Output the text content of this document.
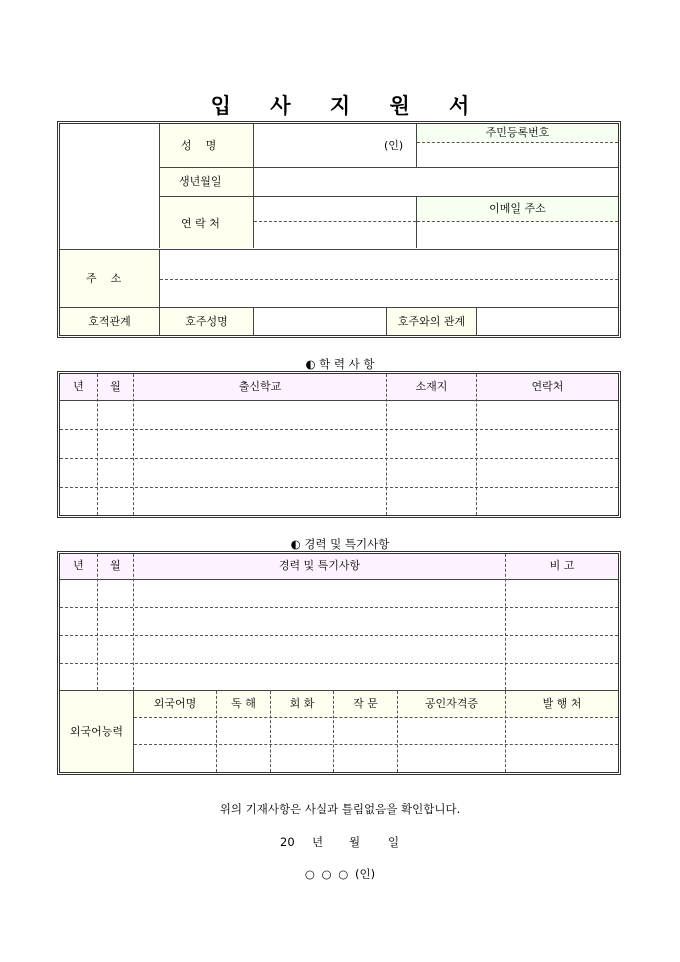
입 사 지 원 서
성    명	(인)
주민등록번호
생년월일
연 락 처
이메일 주소
주    소
호적관계	호주성명	호주와의 관계
◐ 학 력 사 항
년	월	출신학교	소재지	연락처
◐ 경력 및 특기사항
년	월	경력 및 특기사항	비 고
외국어능력
외국어명	독 해	회 화	작 문	공인자격증	발 행 처
위의 기재사항은 사실과 틀림없음을 확인합니다.
20 년 월 일
○ ○ ○ (인)
